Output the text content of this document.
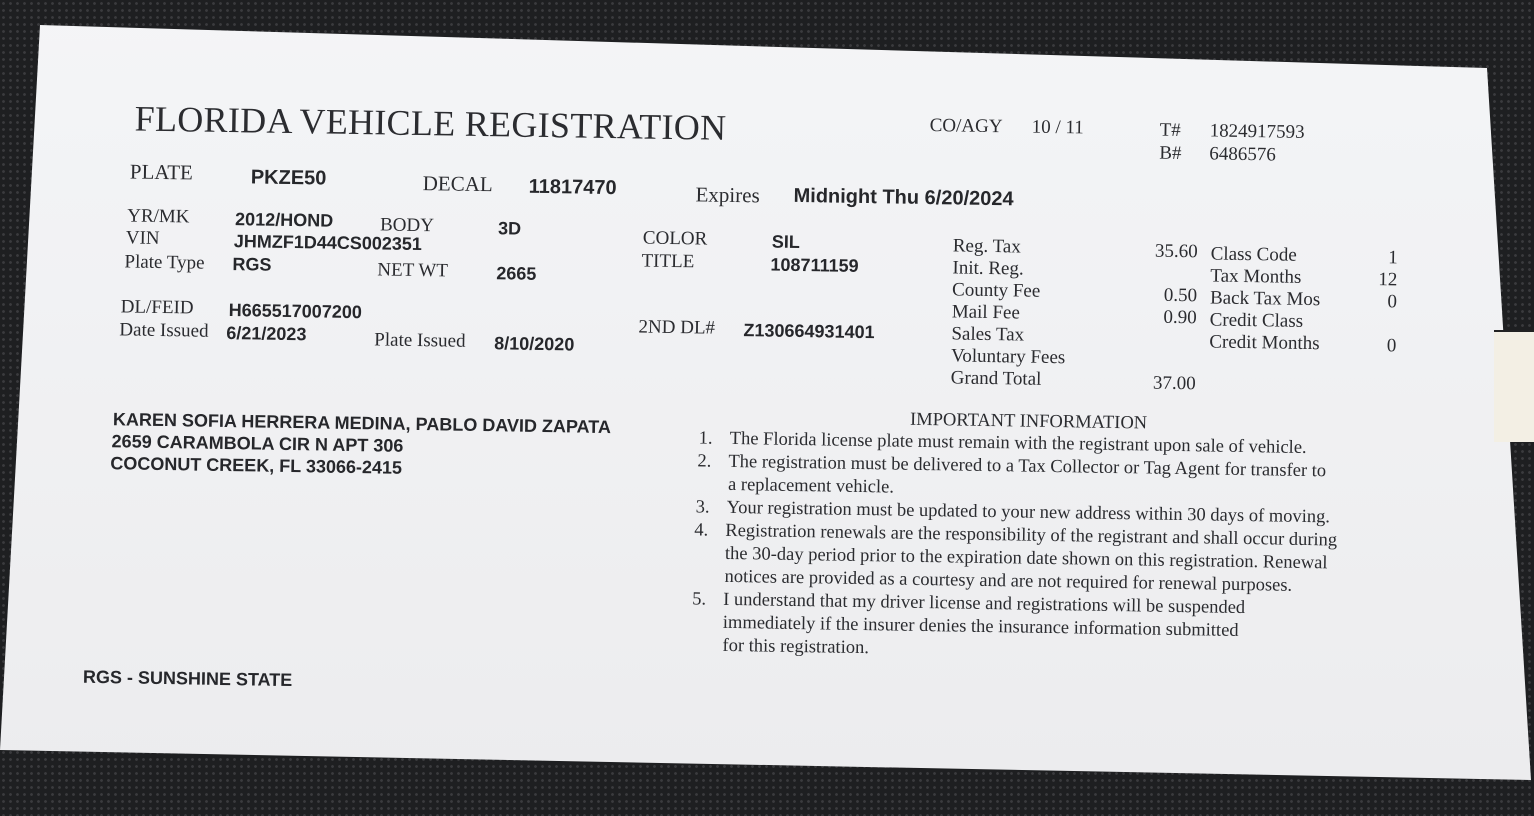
FLORIDA VEHICLE REGISTRATION	CO/AGY 10 / 11	T# 1824917593
B# 6486576
PLATE	PKZE50	DECAL 11817470	Expires Midnight Thu 6/20/2024
YR/MK	2012/HOND BODY	3D
VIN	JHMZF1D44CS002351
Plate Type RGS	NET WT	2665
COLOR	SIL
TITLE	108711159
DL/FEID H665517007200
Date Issued 6/21/2023	Plate Issued 8/10/2020
2ND DL# Z130664931401
Reg. Tax	35.60
Init. Reg.
County Fee	0.50
Mail Fee	0.90
Sales Tax
Voluntary Fees
Grand Total	37.00
Class Code	1
Tax Months	12
Back Tax Mos	0
Credit Class
Credit Months	0
KAREN SOFIA HERRERA MEDINA, PABLO DAVID ZAPATA
2659 CARAMBOLA CIR N APT 306
COCONUT CREEK, FL 33066-2415
RGS - SUNSHINE STATE
IMPORTANT INFORMATION
1. The Florida license plate must remain with the registrant upon sale of vehicle.
2. The registration must be delivered to a Tax Collector or Tag Agent for transfer to
a replacement vehicle.
3. Your registration must be updated to your new address within 30 days of moving.
4. Registration renewals are the responsibility of the registrant and shall occur during
the 30-day period prior to the expiration date shown on this registration. Renewal
notices are provided as a courtesy and are not required for renewal purposes.
5. I understand that my driver license and registrations will be suspended
immediately if the insurer denies the insurance information submitted
for this registration.
